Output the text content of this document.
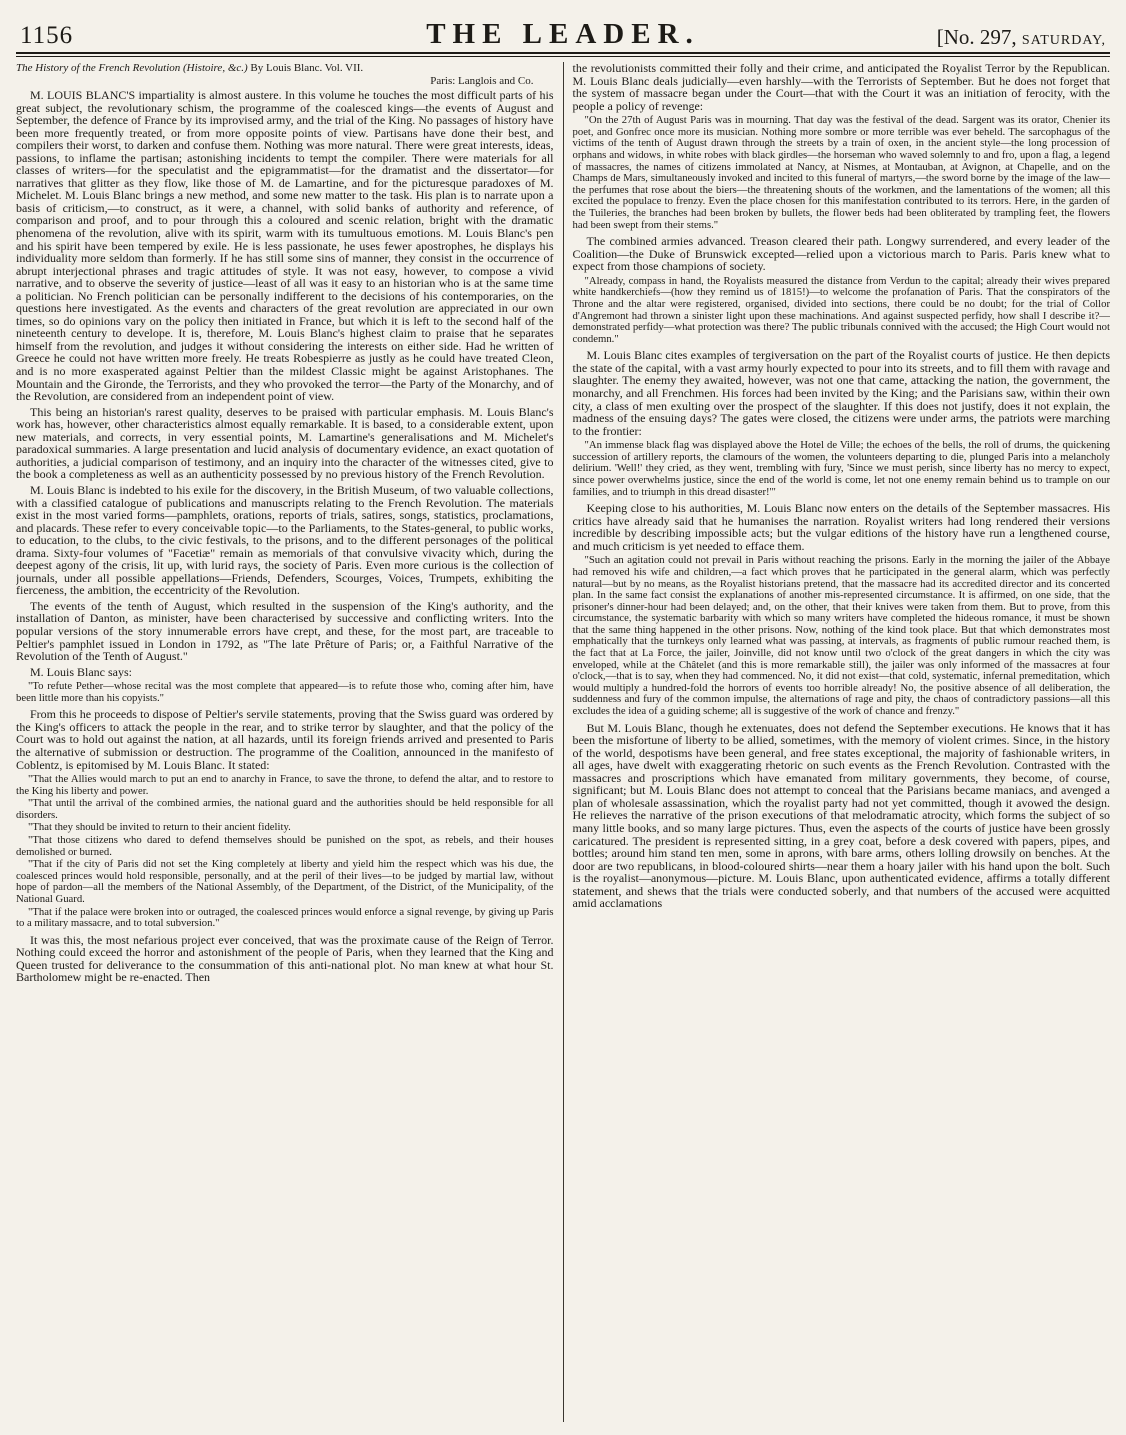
1156	THE LEADER.	[No. 297, SATURDAY,
The History of the French Revolution (Histoire, &c.) By Louis Blanc. Vol. VII.
Paris: Langlois and Co.

M. LOUIS BLANC'S impartiality is almost austere. In this volume he touches the most difficult parts of his great subject, the revolutionary schism, the programme of the coalesced kings—the events of August and September, the defence of France by its improvised army, and the trial of the King. No passages of history have been more frequently treated, or from more opposite points of view. Partisans have done their best, and compilers their worst, to darken and confuse them. Nothing was more natural. There were great interests, ideas, passions, to inflame the partisan; astonishing incidents to tempt the compiler. There were materials for all classes of writers—for the speculatist and the epigrammatist—for the dramatist and the dissertator—for narratives that glitter as they flow, like those of M. de Lamartine, and for the picturesque paradoxes of M. Michelet. M. Louis Blanc brings a new method, and some new matter to the task. His plan is to narrate upon a basis of criticism,—to construct, as it were, a channel, with solid banks of authority and reference, of comparison and proof, and to pour through this a coloured and scenic relation, bright with the dramatic phenomena of the revolution, alive with its spirit, warm with its tumultuous emotions. M. Louis Blanc's pen and his spirit have been tempered by exile. He is less passionate, he uses fewer apostrophes, he displays his individuality more seldom than formerly. If he has still some sins of manner, they consist in the occurrence of abrupt interjectional phrases and tragic attitudes of style. It was not easy, however, to compose a vivid narrative, and to observe the severity of justice—least of all was it easy to an historian who is at the same time a politician. No French politician can be personally indifferent to the decisions of his contemporaries, on the questions here investigated. As the events and characters of the great revolution are appreciated in our own times, so do opinions vary on the policy then initiated in France, but which it is left to the second half of the nineteenth century to develope. It is, therefore, M. Louis Blanc's highest claim to praise that he separates himself from the revolution, and judges it without considering the interests on either side. Had he written of Greece he could not have written more freely. He treats Robespierre as justly as he could have treated Cleon, and is no more exasperated against Peltier than the mildest Classic might be against Aristophanes. The Mountain and the Gironde, the Terrorists, and they who provoked the terror—the Party of the Monarchy, and of the Revolution, are considered from an independent point of view.

This being an historian's rarest quality, deserves to be praised with particular emphasis. M. Louis Blanc's work has, however, other characteristics almost equally remarkable. It is based, to a considerable extent, upon new materials, and corrects, in very essential points, M. Lamartine's generalisations and M. Michelet's paradoxical summaries. A large presentation and lucid analysis of documentary evidence, an exact quotation of authorities, a judicial comparison of testimony, and an inquiry into the character of the witnesses cited, give to the book a completeness as well as an authenticity possessed by no previous history of the French Revolution.

M. Louis Blanc is indebted to his exile for the discovery, in the British Museum, of two valuable collections, with a classified catalogue of publications and manuscripts relating to the French Revolution. The materials exist in the most varied forms—pamphlets, orations, reports of trials, satires, songs, statistics, proclamations, and placards. These refer to every conceivable topic—to the Parliaments, to the States-general, to public works, to education, to the clubs, to the civic festivals, to the prisons, and to the different personages of the political drama. Sixty-four volumes of "Facetiæ" remain as memorials of that convulsive vivacity which, during the deepest agony of the crisis, lit up, with lurid rays, the society of Paris. Even more curious is the collection of journals, under all possible appellations—Friends, Defenders, Scourges, Voices, Trumpets, exhibiting the fierceness, the ambition, the eccentricity of the Revolution.

The events of the tenth of August, which resulted in the suspension of the King's authority, and the installation of Danton, as minister, have been characterised by successive and conflicting writers. Into the popular versions of the story innumerable errors have crept, and these, for the most part, are traceable to Peltier's pamphlet issued in London in 1792, as "The late Prêture of Paris; or, a Faithful Narrative of the Revolution of the Tenth of August."

M. Louis Blanc says:

"To refute Pether—whose recital was the most complete that appeared—is to refute those who, coming after him, have been little more than his copyists."

From this he proceeds to dispose of Peltier's servile statements, proving that the Swiss guard was ordered by the King's officers to attack the people in the rear, and to strike terror by slaughter, and that the policy of the Court was to hold out against the nation, at all hazards, until its foreign friends arrived and presented to Paris the alternative of submission or destruction. The programme of the Coalition, announced in the manifesto of Coblentz, is epitomised by M. Louis Blanc. It stated:

"That the Allies would march to put an end to anarchy in France, to save the throne, to defend the altar, and to restore to the King his liberty and power.

"That until the arrival of the combined armies, the national guard and the authorities should be held responsible for all disorders.

"That they should be invited to return to their ancient fidelity.

"That those citizens who dared to defend themselves should be punished on the spot, as rebels, and their houses demolished or burned.

"That if the city of Paris did not set the King completely at liberty and yield him the respect which was his due, the coalesced princes would hold responsible, personally, and at the peril of their lives—to be judged by martial law, without hope of pardon—all the members of the National Assembly, of the Department, of the District, of the Municipality, of the National Guard.

"That if the palace were broken into or outraged, the coalesced princes would enforce a signal revenge, by giving up Paris to a military massacre, and to total subversion."

It was this, the most nefarious project ever conceived, that was the proximate cause of the Reign of Terror. Nothing could exceed the horror and astonishment of the people of Paris, when they learned that the King and Queen trusted for deliverance to the consummation of this anti-national plot. No man knew at what hour St. Bartholomew might be re-enacted. Then

the revolutionists committed their folly and their crime, and anticipated the Royalist Terror by the Republican. M. Louis Blanc deals judicially—even harshly—with the Terrorists of September. But he does not forget that the system of massacre began under the Court—that with the Court it was an initiation of ferocity, with the people a policy of revenge:

"On the 27th of August Paris was in mourning. That day was the festival of the dead. Sargent was its orator, Chenier its poet, and Gonfrec once more its musician. Nothing more sombre or more terrible was ever beheld. The sarcophagus of the victims of the tenth of August drawn through the streets by a train of oxen, in the ancient style—the long procession of orphans and widows, in white robes with black girdles—the horseman who waved solemnly to and fro, upon a flag, a legend of massacres, the names of citizens immolated at Nancy, at Nismes, at Montauban, at Avignon, at Chapelle, and on the Champs de Mars, simultaneously invoked and incited to this funeral of martyrs,—the sword borne by the image of the law—the perfumes that rose about the biers—the threatening shouts of the workmen, and the lamentations of the women; all this excited the populace to frenzy. Even the place chosen for this manifestation contributed to its terrors. Here, in the garden of the Tuileries, the branches had been broken by bullets, the flower beds had been obliterated by trampling feet, the flowers had been swept from their stems."

The combined armies advanced. Treason cleared their path. Longwy surrendered, and every leader of the Coalition—the Duke of Brunswick excepted—relied upon a victorious march to Paris. Paris knew what to expect from those champions of society.

"Already, compass in hand, the Royalists measured the distance from Verdun to the capital; already their wives prepared white handkerchiefs—(how they remind us of 1815!)—to welcome the profanation of Paris. That the conspirators of the Throne and the altar were registered, organised, divided into sections, there could be no doubt; for the trial of Collor d'Angremont had thrown a sinister light upon these machinations. And against suspected perfidy, how shall I describe it?—demonstrated perfidy—what protection was there? The public tribunals connived with the accused; the High Court would not condemn."

M. Louis Blanc cites examples of tergiversation on the part of the Royalist courts of justice. He then depicts the state of the capital, with a vast army hourly expected to pour into its streets, and to fill them with ravage and slaughter. The enemy they awaited, however, was not one that came, attacking the nation, the government, the monarchy, and all Frenchmen. His forces had been invited by the King; and the Parisians saw, within their own city, a class of men exulting over the prospect of the slaughter. If this does not justify, does it not explain, the madness of the ensuing days? The gates were closed, the citizens were under arms, the patriots were marching to the frontier:

"An immense black flag was displayed above the Hotel de Ville; the echoes of the bells, the roll of drums, the quickening succession of artillery reports, the clamours of the women, the volunteers departing to die, plunged Paris into a melancholy delirium. 'Well!' they cried, as they went, trembling with fury, 'Since we must perish, since liberty has no mercy to expect, since power overwhelms justice, since the end of the world is come, let not one enemy remain behind us to trample on our families, and to triumph in this dread disaster!'"

Keeping close to his authorities, M. Louis Blanc now enters on the details of the September massacres. His critics have already said that he humanises the narration. Royalist writers had long rendered their versions incredible by describing impossible acts; but the vulgar editions of the history have run a lengthened course, and much criticism is yet needed to efface them.

"Such an agitation could not prevail in Paris without reaching the prisons. Early in the morning the jailer of the Abbaye had removed his wife and children,—a fact which proves that he participated in the general alarm, which was perfectly natural—but by no means, as the Royalist historians pretend, that the massacre had its accredited director and its concerted plan. In the same fact consist the explanations of another mis-represented circumstance. It is affirmed, on one side, that the prisoner's dinner-hour had been delayed; and, on the other, that their knives were taken from them. But to prove, from this circumstance, the systematic barbarity with which so many writers have completed the hideous romance, it must be shown that the same thing happened in the other prisons. Now, nothing of the kind took place. But that which demonstrates most emphatically that the turnkeys only learned what was passing, at intervals, as fragments of public rumour reached them, is the fact that at La Force, the jailer, Joinville, did not know until two o'clock of the great dangers in which the city was enveloped, while at the Châtelet (and this is more remarkable still), the jailer was only informed of the massacres at four o'clock,—that is to say, when they had commenced. No, it did not exist—that cold, systematic, infernal premeditation, which would multiply a hundred-fold the horrors of events too horrible already! No, the positive absence of all deliberation, the suddenness and fury of the common impulse, the alternations of rage and pity, the chaos of contradictory passions—all this excludes the idea of a guiding scheme; all is suggestive of the work of chance and frenzy."

But M. Louis Blanc, though he extenuates, does not defend the September executions. He knows that it has been the misfortune of liberty to be allied, sometimes, with the memory of violent crimes. Since, in the history of the world, despotisms have been general, and free states exceptional, the majority of fashionable writers, in all ages, have dwelt with exaggerating rhetoric on such events as the French Revolution. Contrasted with the massacres and proscriptions which have emanated from military governments, they become, of course, significant; but M. Louis Blanc does not attempt to conceal that the Parisians became maniacs, and avenged a plan of wholesale assassination, which the royalist party had not yet committed, though it avowed the design. He relieves the narrative of the prison executions of that melodramatic atrocity, which forms the subject of so many little books, and so many large pictures. Thus, even the aspects of the courts of justice have been grossly caricatured. The president is represented sitting, in a grey coat, before a desk covered with papers, pipes, and bottles; around him stand ten men, some in aprons, with bare arms, others lolling drowsily on benches. At the door are two republicans, in blood-coloured shirts—near them a hoary jailer with his hand upon the bolt. Such is the royalist—anonymous—picture. M. Louis Blanc, upon authenticated evidence, affirms a totally different statement, and shews that the trials were conducted soberly, and that numbers of the accused were acquitted amid acclamations
